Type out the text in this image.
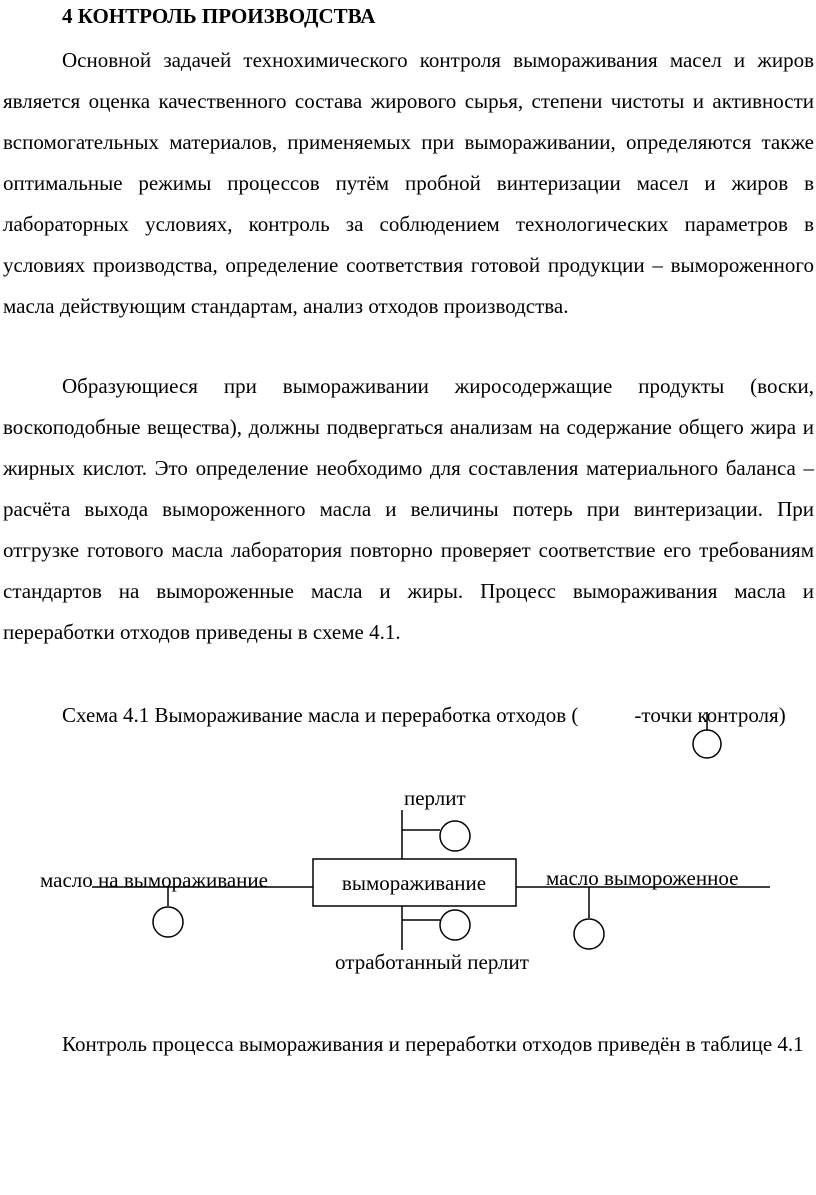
4 КОНТРОЛЬ ПРОИЗВОДСТВА

Основной задачей технохимического контроля вымораживания масел и жиров является оценка качественного состава жирового сырья, степени чистоты и активности вспомогательных материалов, применяемых при вымораживании, определяются также оптимальные режимы процессов путём пробной винтеризации масел и жиров в лабораторных условиях, контроль за соблюдением технологических параметров в условиях производства, определение соответствия готовой продукции – вымороженного масла действующим стандартам, анализ отходов производства.

Образующиеся при вымораживании жиросодержащие продукты (воски, воскоподобные вещества), должны подвергаться анализам на содержание общего жира и жирных кислот. Это определение необходимо для составления материального баланса – расчёта выхода вымороженного масла и величины потерь при винтеризации. При отгрузке готового масла лаборатория повторно проверяет соответствие его требованиям стандартов на вымороженные масла и жиры. Процесс вымораживания масла и переработки отходов приведены в схеме 4.1.

Схема 4.1 Вымораживание масла и переработка отходов (	-точки контроля)

масло на вымораживание	вымораживание	масло вымороженное
перлит
отработанный перлит

Контроль процесса вымораживания и переработки отходов приведён в таблице 4.1
